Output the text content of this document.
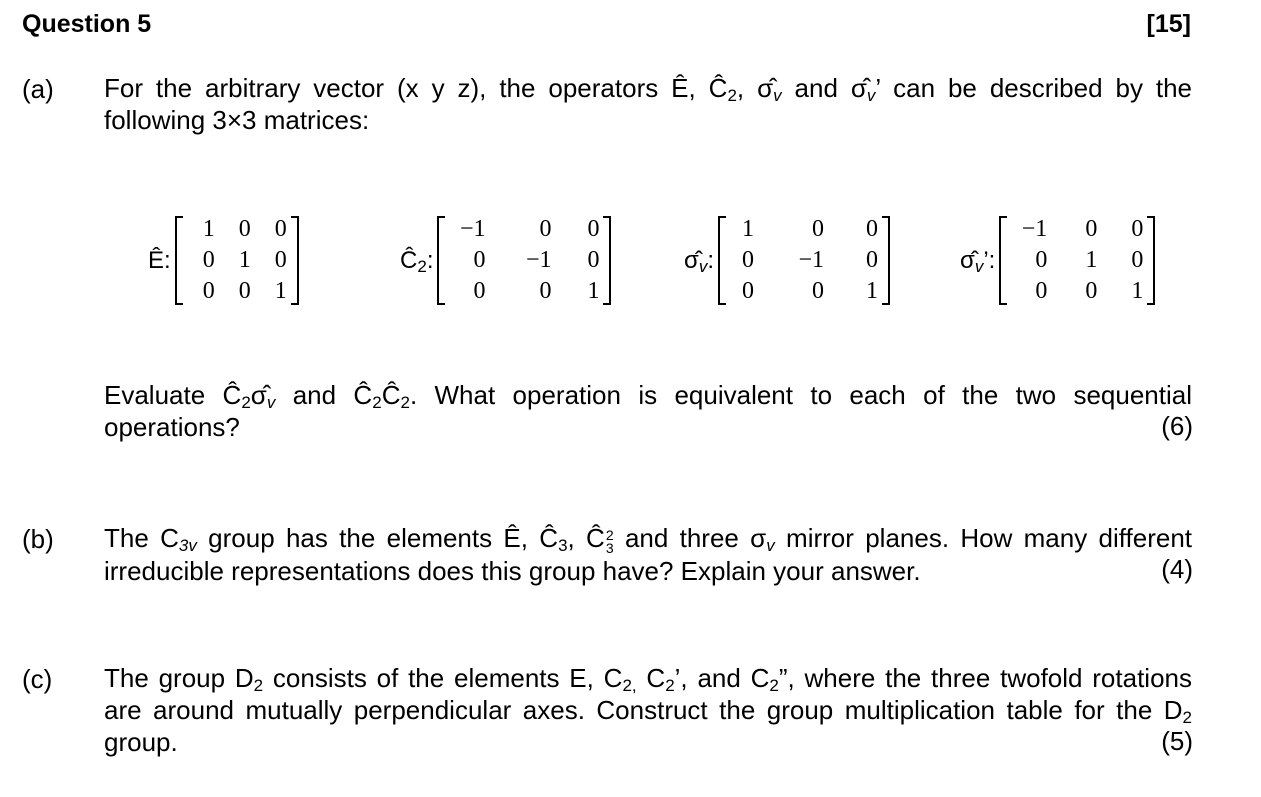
Question 5	[15]
(a) For the arbitrary vector (x y z), the operators Ê, $Ĉ_2$, σ̂v and σ̂v’ can be described by the
following 3×3 matrices:
Ê:
1	0	0
0	1	0
0	0	1
$Ĉ_2$:
−1	0	0
0	−1	0
0	0	1
σ̂v:
1	0	0
0	−1	0
0	0	1
σ̂v’:
−1	0	0
0	1	0
0	0	1
Evaluate $Ĉ_2\sigmâv$ and $Ĉ_2Ĉ_2$. What operation is equivalent to each of the two sequential
operations?	(6)
(b) The C3v group has the elements Ê, $Ĉ_3$, Ĉ 2
3 and three σv mirror planes. How many different
irreducible representations does this group have? Explain your answer.	(4)
(c) The group $D_2$ consists of the elements E, $C_{2,}$ $C_2$’, and $C_2$”, where the three twofold rotations
are around mutually perpendicular axes. Construct the group multiplication table for the $D_2$
group.	(5)
